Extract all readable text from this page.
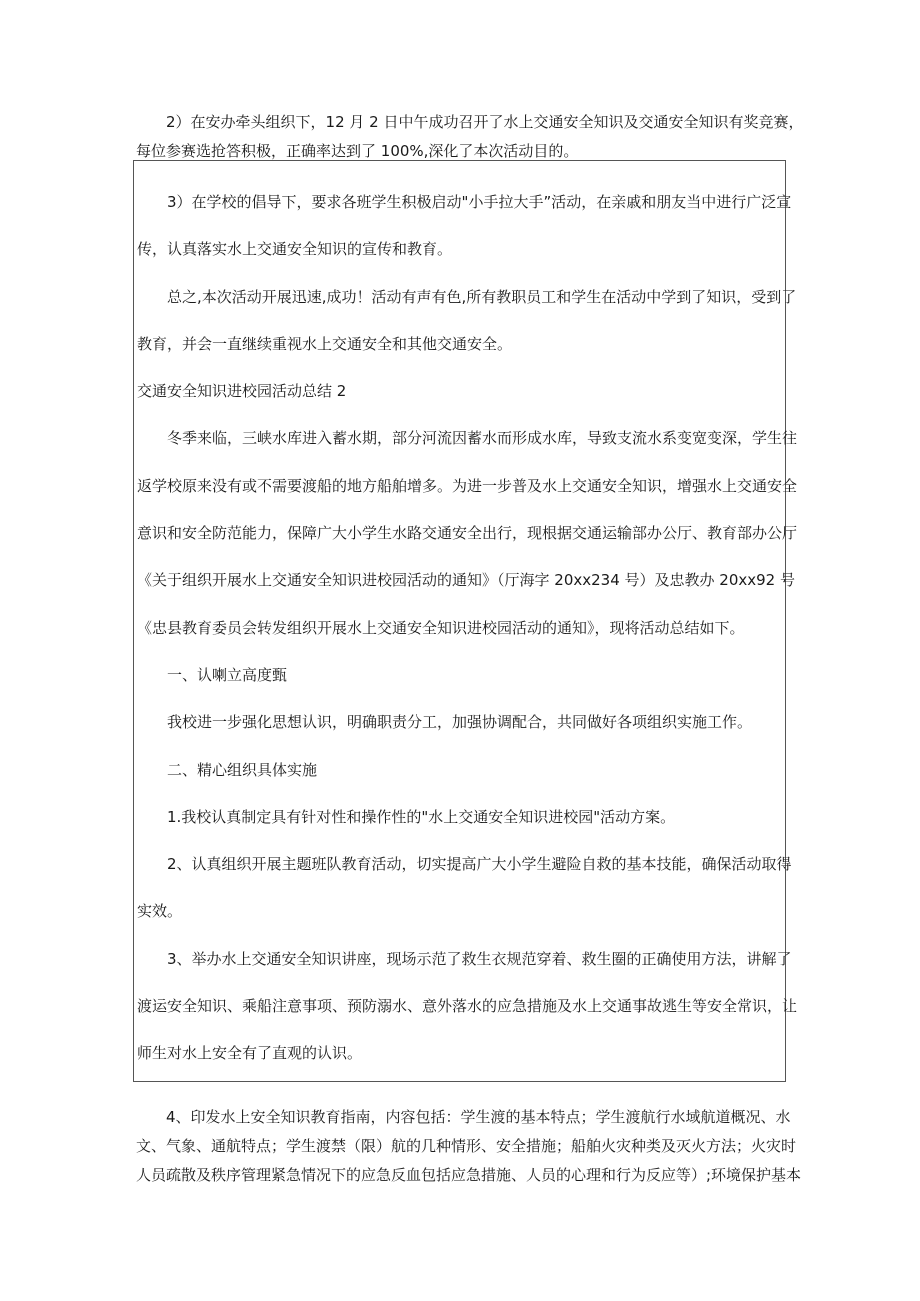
2）在安办牵头组织下，12 月 2 日中午成功召开了水上交通安全知识及交通安全知识有奖竞赛，

每位参赛选抢答积极，正确率达到了 100%,深化了本次活动目的。

3）在学校的倡导下，要求各班学生积极启动"小手拉大手”活动，在亲戚和朋友当中进行广泛宣

传，认真落实水上交通安全知识的宣传和教育。

总之,本次活动开展迅速,成功！活动有声有色,所有教职员工和学生在活动中学到了知识，受到了

教育，并会一直继续重视水上交通安全和其他交通安全。

交通安全知识进校园活动总结 2

冬季来临，三峡水库进入蓄水期，部分河流因蓄水而形成水库，导致支流水系变宽变深，学生往

返学校原来没有或不需要渡船的地方船舶增多。为进一步普及水上交通安全知识，增强水上交通安全

意识和安全防范能力，保障广大小学生水路交通安全出行，现根据交通运输部办公厅、教育部办公厅

《关于组织开展水上交通安全知识进校园活动的通知》（厅海字 20xx234 号）及忠教办 20xx92 号

《忠县教育委员会转发组织开展水上交通安全知识进校园活动的通知》，现将活动总结如下。

一、认喇立高度甄

我校进一步强化思想认识，明确职责分工，加强协调配合，共同做好各项组织实施工作。

二、精心组织具体实施

1.我校认真制定具有针对性和操作性的"水上交通安全知识进校园"活动方案。

2、认真组织开展主题班队教育活动，切实提高广大小学生避险自救的基本技能，确保活动取得

实效。

3、举办水上交通安全知识讲座，现场示范了救生衣规范穿着、救生圈的正确使用方法，讲解了

渡运安全知识、乘船注意事项、预防溺水、意外落水的应急措施及水上交通事故逃生等安全常识，让

师生对水上安全有了直观的认识。

4、印发水上安全知识教育指南，内容包括：学生渡的基本特点；学生渡航行水域航道概况、水

文、气象、通航特点；学生渡禁（限）航的几种情形、安全措施；船舶火灾种类及灭火方法；火灾时

人员疏散及秩序管理紧急情况下的应急反血包括应急措施、人员的心理和行为反应等）;环境保护基本
